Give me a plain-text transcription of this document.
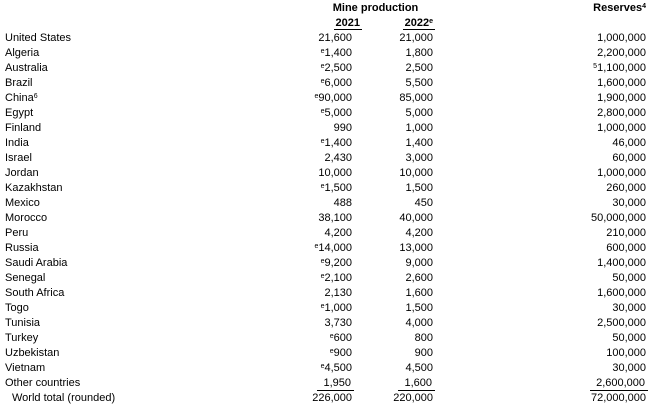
	Mine production		Reserves$^4$
	2021	2022e	
United States	21,600	21,000	1,000,000
Algeria	$^e$1,400	1,800	2,200,000
Australia	$^e$2,500	2,500	$^5$1,100,000
Brazil	$^e$6,000	5,500	1,600,000
China$^6$	$^e$90,000	85,000	1,900,000
Egypt	$^e$5,000	5,000	2,800,000
Finland	990	1,000	1,000,000
India	$^e$1,400	1,400	46,000
Israel	2,430	3,000	60,000
Jordan	10,000	10,000	1,000,000
Kazakhstan	$^e$1,500	1,500	260,000
Mexico	488	450	30,000
Morocco	38,100	40,000	50,000,000
Peru	4,200	4,200	210,000
Russia	$^e$14,000	13,000	600,000
Saudi Arabia	$^e$9,200	9,000	1,400,000
Senegal	$^e$2,100	2,600	50,000
South Africa	2,130	1,600	1,600,000
Togo	$^e$1,000	1,500	30,000
Tunisia	3,730	4,000	2,500,000
Turkey	$^e$600	800	50,000
Uzbekistan	$^e$900	900	100,000
Vietnam	$^e$4,500	4,500	30,000
Other countries	1,950	1,600	2,600,000
World total (rounded)	226,000	220,000	72,000,000
